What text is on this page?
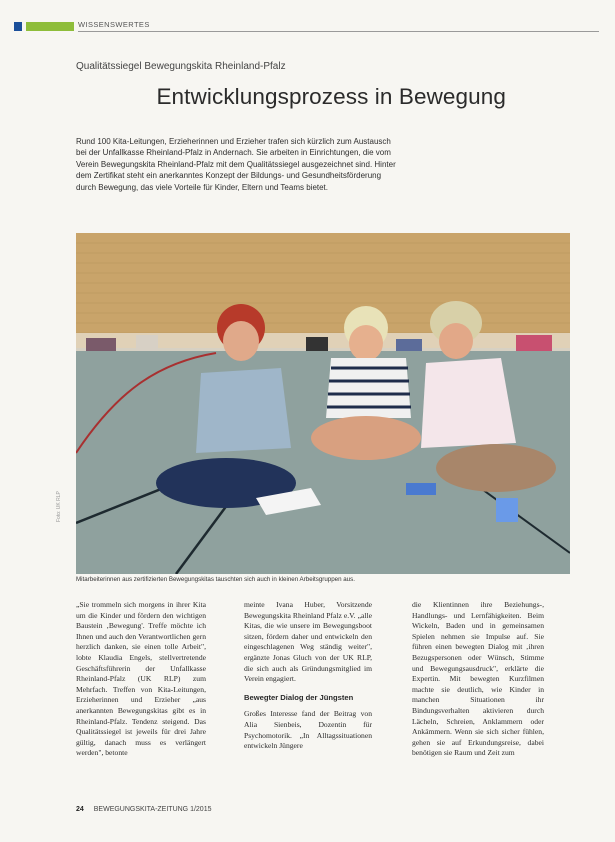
WISSENSWERTES
Qualitätssiegel Bewegungskita Rheinland-Pfalz
Entwicklungsprozess in Bewegung
Rund 100 Kita-Leitungen, Erzieherinnen und Erzieher trafen sich kürzlich zum Austausch bei der Unfallkasse Rheinland-Pfalz in Andernach. Sie arbeiten in Einrichtungen, die vom Verein Bewegungskita Rheinland-Pfalz mit dem Qualitätssiegel ausgezeichnet sind. Hinter dem Zertifikat steht ein anerkanntes Konzept der Bildungs- und Gesundheitsförderung durch Bewegung, das viele Vorteile für Kinder, Eltern und Teams bietet.
Foto: UK RLP
Mitarbeiterinnen aus zertifizierten Bewegungskitas tauschten sich auch in kleinen Arbeitsgruppen aus.

„Sie trommeln sich morgens in ihrer Kita um die Kinder und fördern den wichtigen Baustein ‚Bewegung'. Treffe möchte ich Ihnen und auch den Verantwortlichen gern herzlich danken, sie einen tolle Arbeit", lobte Klaudia Engels, stellvertretende Geschäftsführerin der Unfallkasse Rheinland-Pfalz (UK RLP) zum Mehrfach. Treffen von Kita-Leitungen, Erzieherinnen und Erzieher „aus anerkannten Bewegungskitas gibt es in Rheinland-Pfalz. Tendenz steigend. Das Qualitätssiegel ist jeweils für drei Jahre gültig, danach muss es verlängert werden", betonte

meinte Ivana Huber, Vorsitzende Bewegungskita Rheinland Pfalz e.V. „alle Kitas, die wie unsere im Bewegungsboot sitzen, fördern daher und entwickeln den eingeschlagenen Weg ständig weiter", ergänzte Jonas Gluch von der UK RLP, die sich auch als Gründungsmitglied im Verein engagiert.

Bewegter Dialog der Jüngsten

Großes Interesse fand der Beitrag von Alia Sienbeis, Dozentin für Psychomotorik. „In Alltagssituationen entwickeln Jüngere

die Klientinnen ihre Beziehungs-, Handlungs- und Lernfähigkeiten. Beim Wickeln, Baden und in gemeinsamen Spielen nehmen sie Impulse auf. Sie führen einen bewegten Dialog mit ‚ihren Bezugspersonen oder Wünsch, Stimme und Bewegungsausdruck", erklärte die Expertin. Mit bewegten Kurzfilmen machte sie deutlich, wie Kinder in manchen Situationen ihr Bindungsverhalten aktivieren durch Lächeln, Schreien, Anklammern oder Ankämmern. Wenn sie sich sicher fühlen, gehen sie auf Erkundungsreise, dabei benötigen sie Raum und Zeit zum

24 BEWEGUNGSKITA-ZEITUNG 1/2015
